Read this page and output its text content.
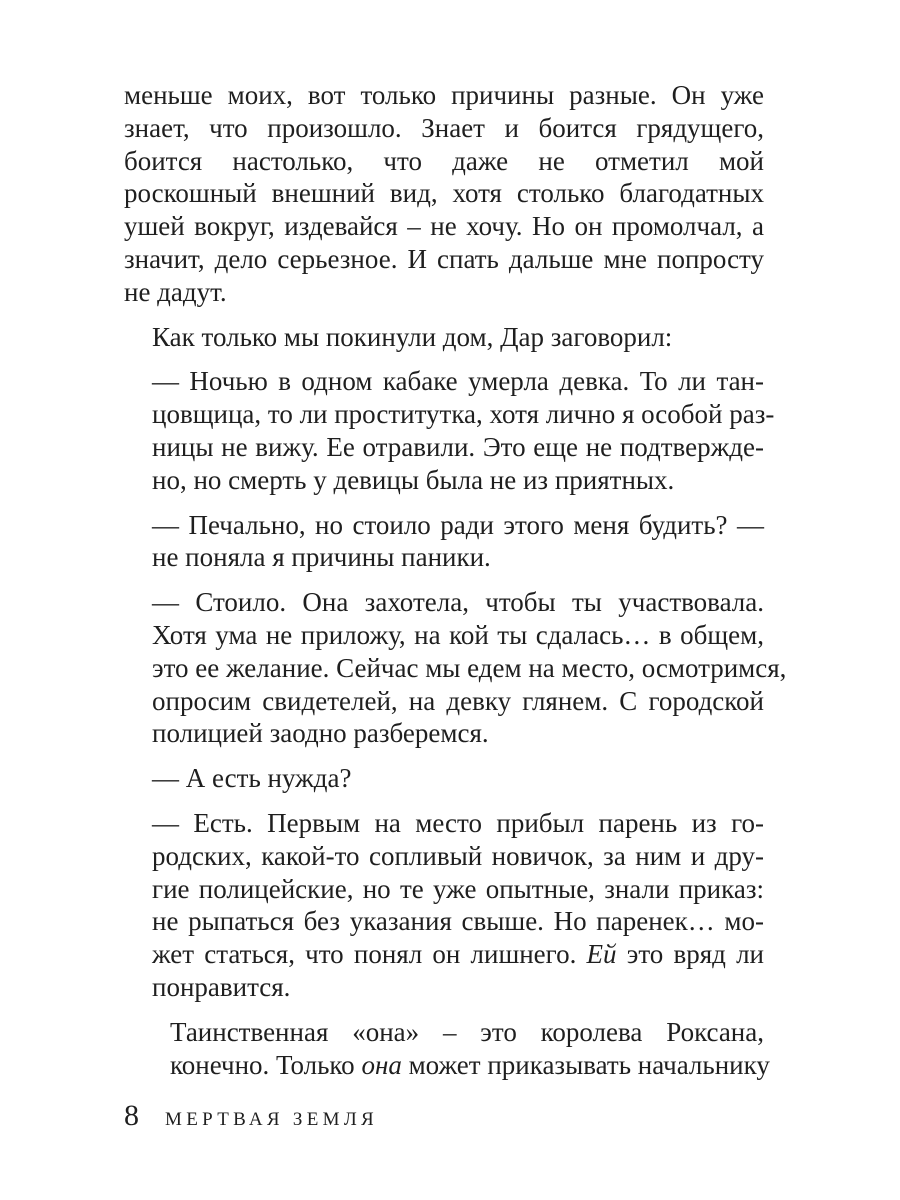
меньше моих, вот только причины разные. Он уже
знает, что произошло. Знает и боится грядущего,
боится настолько, что даже не отметил мой
роскошный внешний вид, хотя столько благодатных
ушей вокруг, издевайся – не хочу. Но он промолчал, а
значит, дело серьезное. И спать дальше мне попросту
не дадут.

Как только мы покинули дом, Дар заговорил:

— Ночью в одном кабаке умерла девка. То ли тан-
цовщица, то ли проститутка, хотя лично я особой раз-
ницы не вижу. Ее отравили. Это еще не подтвержде-
но, но смерть у девицы была не из приятных.

— Печально, но стоило ради этого меня будить? —
не поняла я причины паники.

— Стоило. Она захотела, чтобы ты участвовала.
Хотя ума не приложу, на кой ты сдалась… в общем,
это ее желание. Сейчас мы едем на место, осмотримся,
опросим свидетелей, на девку глянем. С городской
полицией заодно разберемся.

— А есть нужда?

— Есть. Первым на место прибыл парень из го-
родских, какой-то сопливый новичок, за ним и дру-
гие полицейские, но те уже опытные, знали приказ:
не рыпаться без указания свыше. Но паренек… мо-
жет статься, что понял он лишнего. Ей это вряд ли
понравится.

Таинственная «она» – это королева Роксана,
конечно. Только она может приказывать начальнику

8 МЕРТВАЯ ЗЕМЛЯ
